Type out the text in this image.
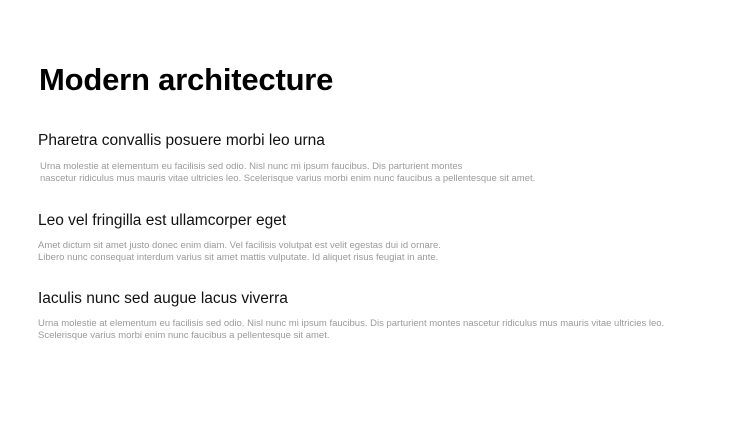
Modern architecture
Pharetra convallis posuere morbi leo urna

Urna molestie at elementum eu facilisis sed odio. Nisl nunc mi ipsum faucibus. Dis parturient montes
nascetur ridiculus mus mauris vitae ultricies leo. Scelerisque varius morbi enim nunc faucibus a pellentesque sit amet.

Leo vel fringilla est ullamcorper eget

Amet dictum sit amet justo donec enim diam. Vel facilisis volutpat est velit egestas dui id ornare.
Libero nunc consequat interdum varius sit amet mattis vulputate. Id aliquet risus feugiat in ante.

Iaculis nunc sed augue lacus viverra

Urna molestie at elementum eu facilisis sed odio. Nisl nunc mi ipsum faucibus. Dis parturient montes nascetur ridiculus mus mauris vitae ultricies leo.
Scelerisque varius morbi enim nunc faucibus a pellentesque sit amet.
